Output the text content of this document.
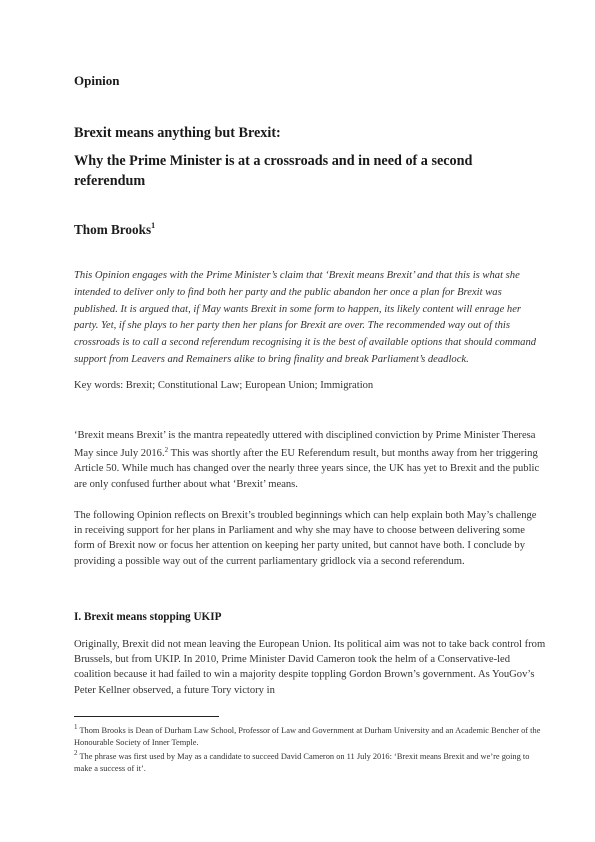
Opinion
Brexit means anything but Brexit:
Why the Prime Minister is at a crossroads and in need of a second referendum
Thom Brooks$^1$
This Opinion engages with the Prime Minister’s claim that ‘Brexit means Brexit’ and that this is what she intended to deliver only to find both her party and the public abandon her once a plan for Brexit was published. It is argued that, if May wants Brexit in some form to happen, its likely content will enrage her party. Yet, if she plays to her party then her plans for Brexit are over. The recommended way out of this crossroads is to call a second referendum recognising it is the best of available options that should command support from Leavers and Remainers alike to bring finality and break Parliament’s deadlock.
Key words: Brexit; Constitutional Law; European Union; Immigration
‘Brexit means Brexit’ is the mantra repeatedly uttered with disciplined conviction by Prime Minister Theresa May since July 2016.$^2$ This was shortly after the EU Referendum result, but months away from her triggering Article 50. While much has changed over the nearly three years since, the UK has yet to Brexit and the public are only confused further about what ‘Brexit’ means.
The following Opinion reflects on Brexit’s troubled beginnings which can help explain both May’s challenge in receiving support for her plans in Parliament and why she may have to choose between delivering some form of Brexit now or focus her attention on keeping her party united, but cannot have both. I conclude by providing a possible way out of the current parliamentary gridlock via a second referendum.
I. Brexit means stopping UKIP
Originally, Brexit did not mean leaving the European Union. Its political aim was not to take back control from Brussels, but from UKIP. In 2010, Prime Minister David Cameron took the helm of a Conservative-led coalition because it had failed to win a majority despite toppling Gordon Brown’s government. As YouGov’s Peter Kellner observed, a future Tory victory in

$^1$ Thom Brooks is Dean of Durham Law School, Professor of Law and Government at Durham University and an Academic Bencher of the Honourable Society of Inner Temple.

$^2$ The phrase was first used by May as a candidate to succeed David Cameron on 11 July 2016: ‘Brexit means Brexit and we’re going to make a success of it’.
